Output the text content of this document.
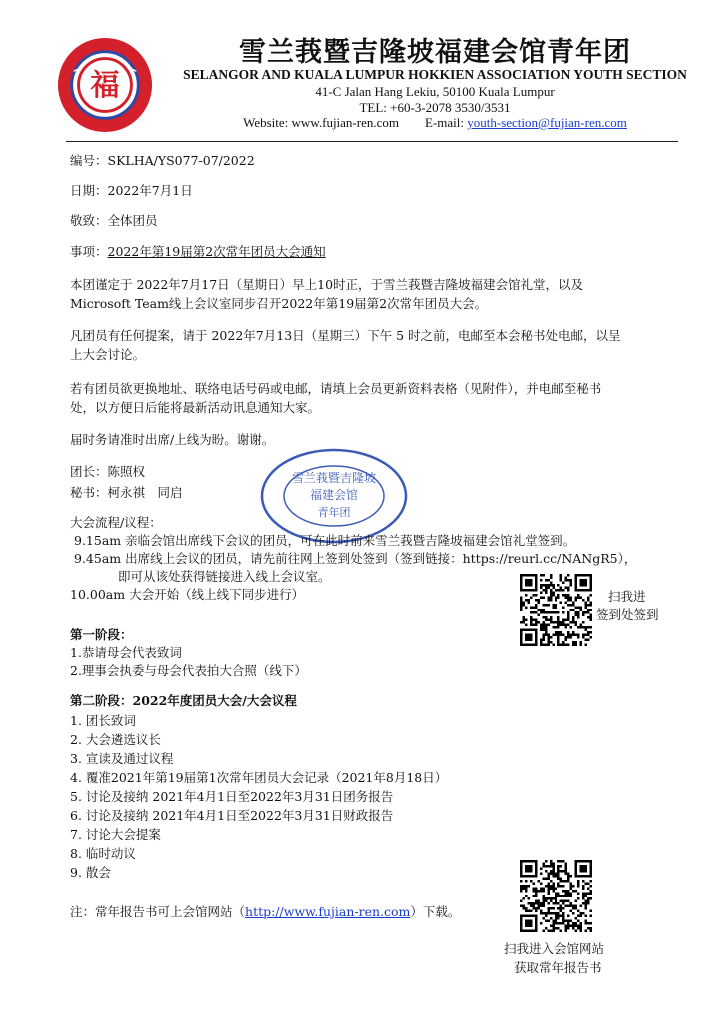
福
雪兰莪暨吉隆坡福建会馆青年团
SELANGOR AND KUALA LUMPUR HOKKIEN ASSOCIATION YOUTH SECTION
41-C Jalan Hang Lekiu, 50100 Kuala Lumpur
TEL: +60-3-2078 3530/3531
Website: www.fujian-ren.com E-mail: youth-section@fujian-ren.com
编号：SKLHA/YS077-07/2022
日期：2022年7月1日
敬致：全体团员
事项：2022年第19届第2次常年团员大会通知
本团谨定于 2022年7月17日（星期日）早上10时正，于雪兰莪暨吉隆坡福建会馆礼堂，以及
Microsoft Team线上会议室同步召开2022年第19届第2次常年团员大会。
凡团员有任何提案，请于 2022年7月13日（星期三）下午 5 时之前，电邮至本会秘书处电邮，以呈
上大会讨论。
若有团员欲更换地址、联络电话号码或电邮，请填上会员更新资料表格（见附件），并电邮至秘书
处，以方便日后能将最新活动讯息通知大家。
届时务请准时出席/上线为盼。谢谢。
团长：陈照权
秘书：柯永祺　同启
雪兰莪暨吉隆坡
福建会馆
青年团
大会流程/议程：
9.15am 亲临会馆出席线下会议的团员，可在此时前来雪兰莪暨吉隆坡福建会馆礼堂签到。
9.45am 出席线上会议的团员，请先前往网上签到处签到（签到链接：https://reurl.cc/NANgR5），
即可从该处获得链接进入线上会议室。
10.00am 大会开始（线上线下同步进行）	扫我进
签到处签到
第一阶段：
1.恭请母会代表致词
2.理事会执委与母会代表拍大合照（线下）
第二阶段：2022年度团员大会/大会议程
1. 团长致词
2. 大会遴选议长
3. 宣读及通过议程
4. 覆准2021年第19届第1次常年团员大会记录（2021年8月18日）
5. 讨论及接纳 2021年4月1日至2022年3月31日团务报告
6. 讨论及接纳 2021年4月1日至2022年3月31日财政报告
7. 讨论大会提案
8. 临时动议
9. 散会
注：常年报告书可上会馆网站（http://www.fujian-ren.com）下载。
扫我进入会馆网站
获取常年报告书
